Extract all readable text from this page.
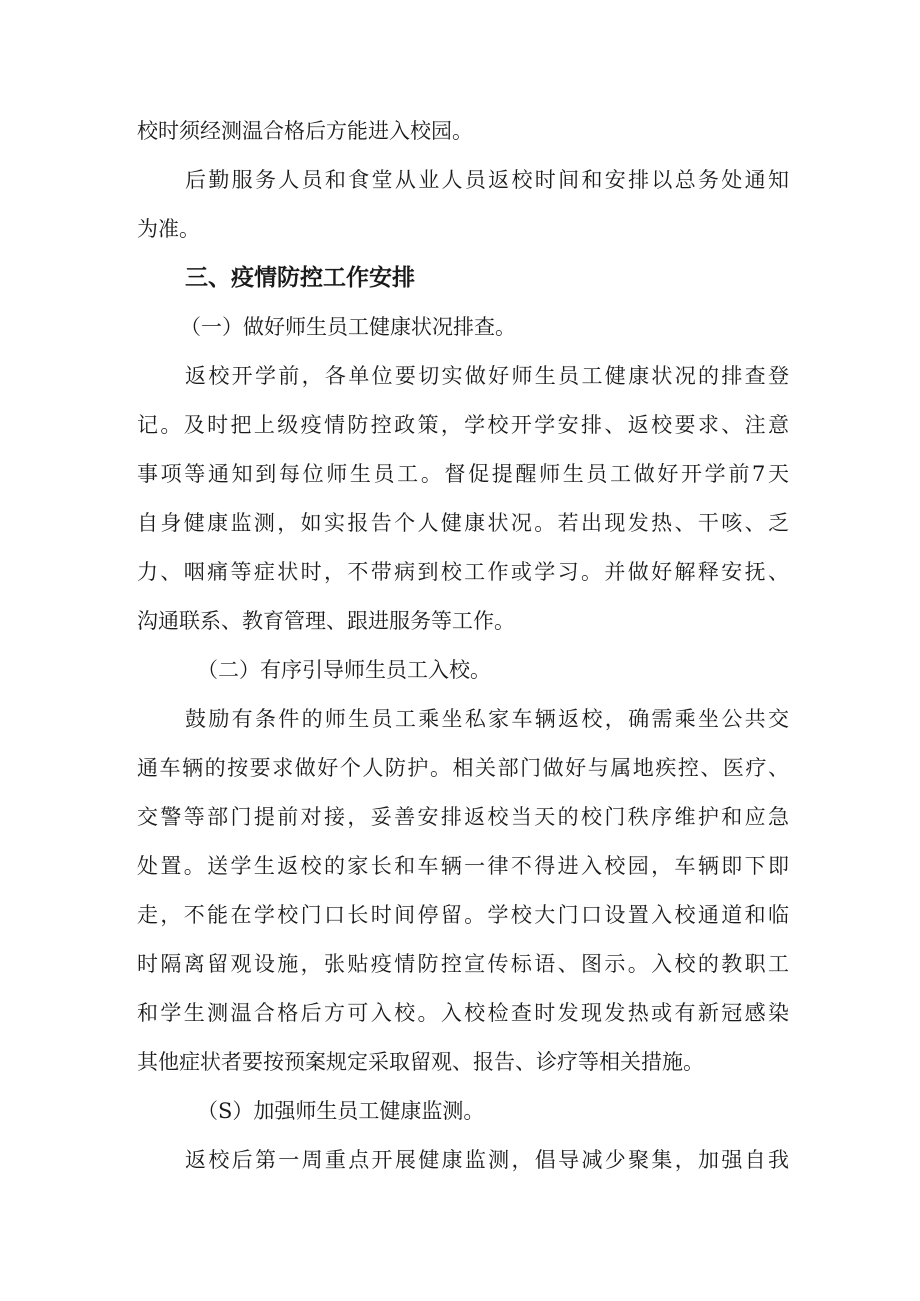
校时须经测温合格后方能进入校园。
后勤服务人员和食堂从业人员返校时间和安排以总务处通知
为准。
三、疫情防控工作安排
（一）做好师生员工健康状况排查。
返校开学前，各单位要切实做好师生员工健康状况的排查登
记。及时把上级疫情防控政策，学校开学安排、返校要求、注意
事项等通知到每位师生员工。督促提醒师生员工做好开学前7天
自身健康监测，如实报告个人健康状况。若出现发热、干咳、乏
力、咽痛等症状时，不带病到校工作或学习。并做好解释安抚、
沟通联系、教育管理、跟进服务等工作。
（二）有序引导师生员工入校。
鼓励有条件的师生员工乘坐私家车辆返校，确需乘坐公共交
通车辆的按要求做好个人防护。相关部门做好与属地疾控、医疗、
交警等部门提前对接，妥善安排返校当天的校门秩序维护和应急
处置。送学生返校的家长和车辆一律不得进入校园，车辆即下即
走，不能在学校门口长时间停留。学校大门口设置入校通道和临
时隔离留观设施，张贴疫情防控宣传标语、图示。入校的教职工
和学生测温合格后方可入校。入校检查时发现发热或有新冠感染
其他症状者要按预案规定采取留观、报告、诊疗等相关措施。
（S）加强师生员工健康监测。
返校后第一周重点开展健康监测，倡导减少聚集，加强自我
